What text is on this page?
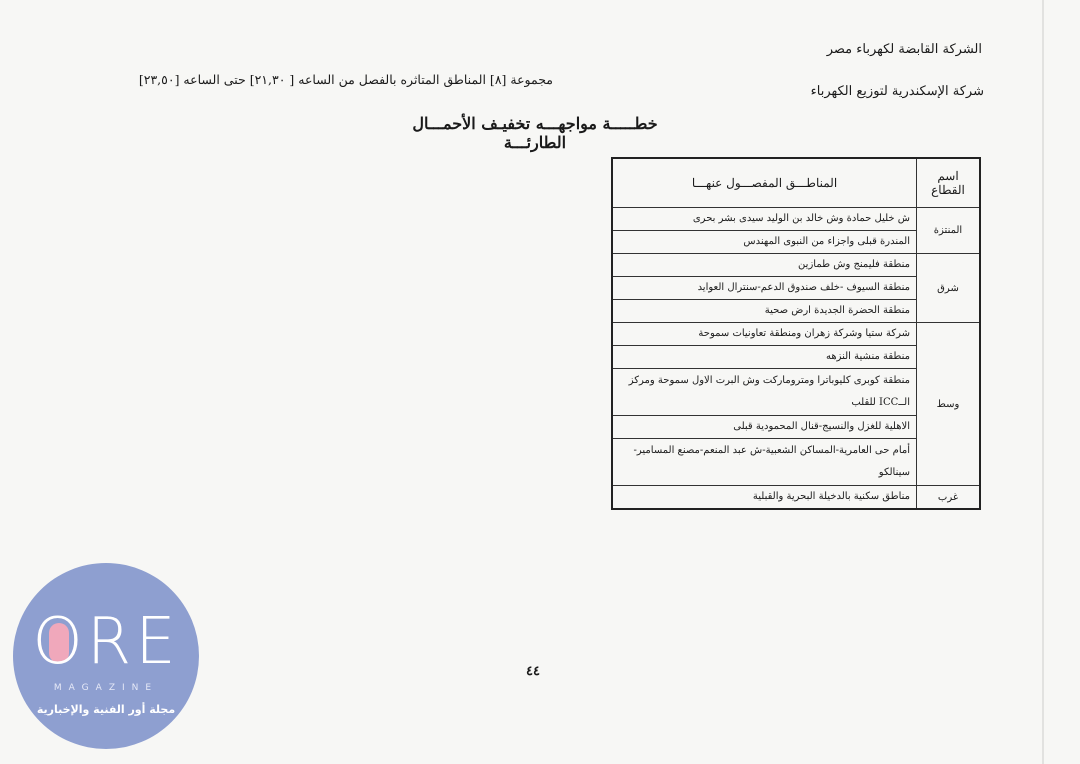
الشركة القابضة لكهرباء مصر
شركة الإسكندرية لتوزيع الكهرباء
مجموعة [٨] المناطق المتاثره بالفصل من الساعه [ ٢١,٣٠] حتى الساعه [٢٣,٥٠]
خطـــــة مواجهـــه تخفيـف الأحمـــال الطارئـــة
اسم القطاع	المناطـــق المفصـــول عنهـــا
المنتزة	ش خليل حمادة وش خالد بن الوليد سيدى بشر بحرى
	المندرة قبلى واجزاء من النبوى المهندس
شرق	منطقة فليمنج وش طمازين
	منطقة السيوف -خلف صندوق الدعم-سنترال العوايد
	منطقة الحضرة الجديدة ارض صحية
وسط	شركة ستيا وشركة زهران ومنطقة تعاونيات سموحة
	منطقة منشية النزهه
	منطقة كوبرى كليوباترا ومتروماركت وش البرت الاول سموحة ومركز الــICC للقلب
	الاهلية للغزل والنسيج-قنال المحمودية قبلى
	أمام حى العامرية-المساكن الشعبية-ش عبد المنعم-مصنع المسامير-سينالكو
غرب	مناطق سكنية بالدخيلة البحرية والقبلية
٤٤
ORE
MAGAZINE
مجلة أور الفنية والإخبارية
